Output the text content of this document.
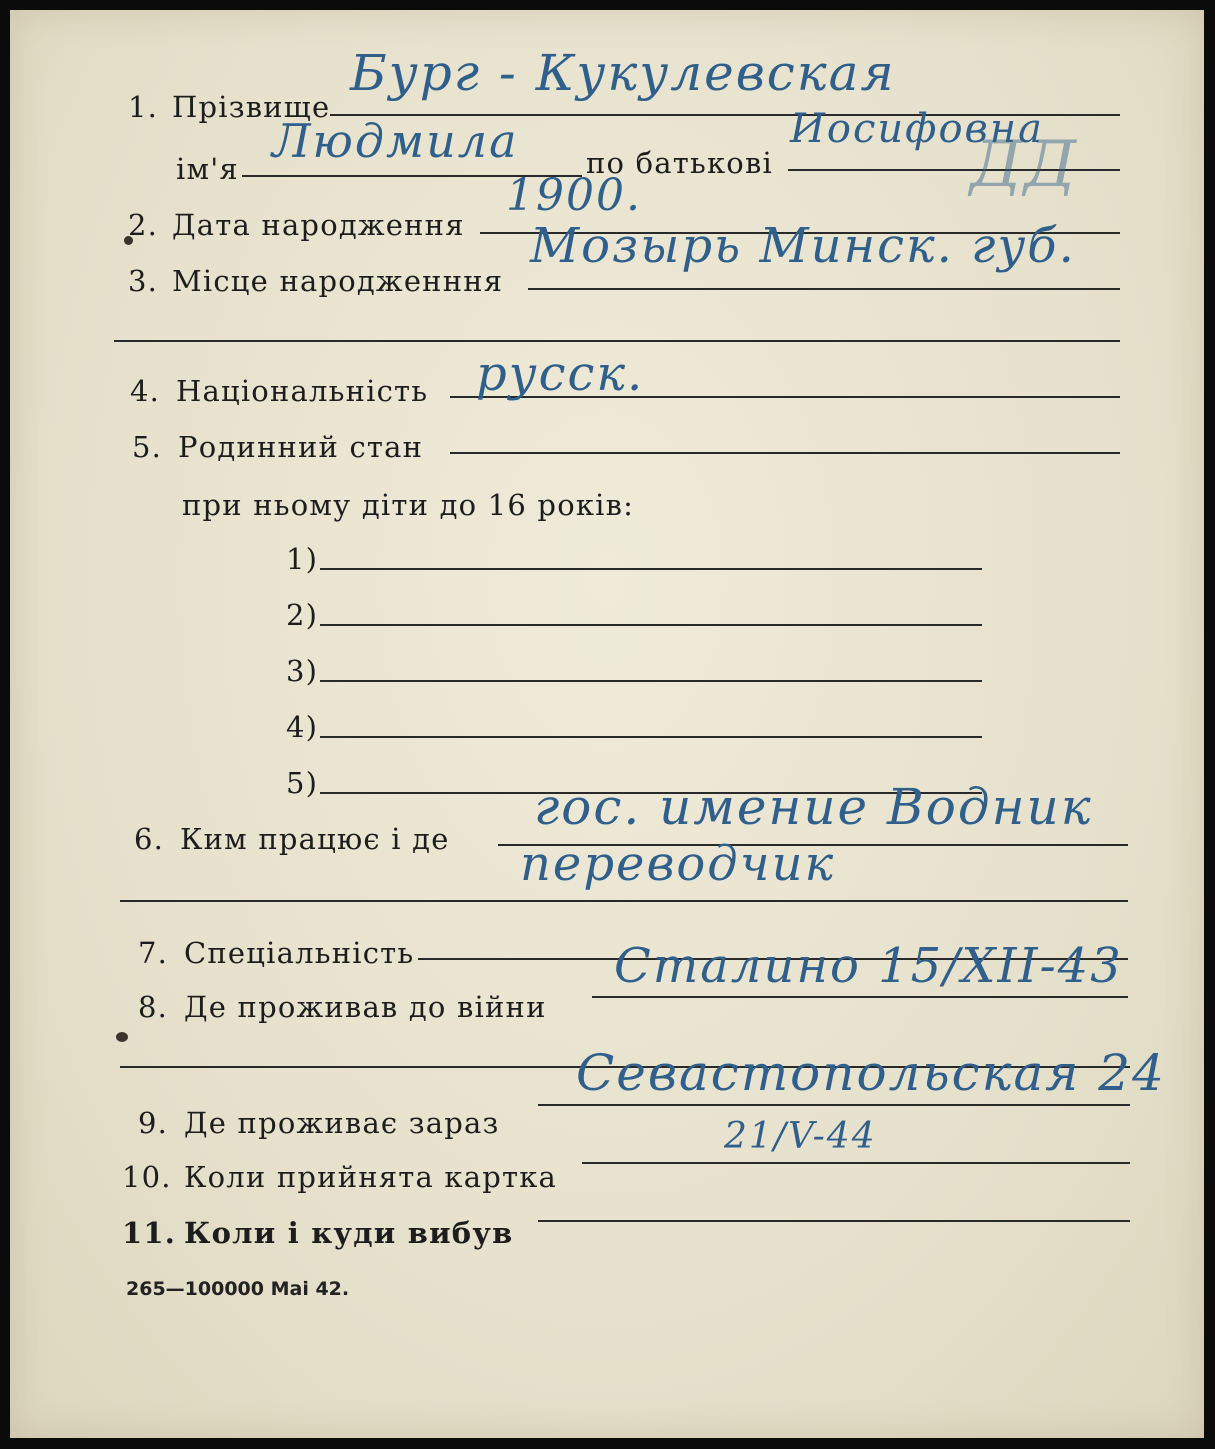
1. Прізвище
Бург - Кукулевская
ім'я	по батькові
Людмила	Иосифовна
ДД
2. Дата народження
1900.
3. Місце народженння
Мозырь Минск. губ.
4. Національність русск.
5. Родинний стан
при ньому діти до 16 років:
1)
2)
3)
4)
5)
6. Ким працює і де
гос. имение Водник
переводчик
7. Спеціальність
8. Де проживав до війни
Сталино 15/XII-43
9. Де проживає зараз
Севастопольская 24
10. Коли прийнята картка
21/V-44
11. Коли і куди вибув
265—100000 Маі 42.
